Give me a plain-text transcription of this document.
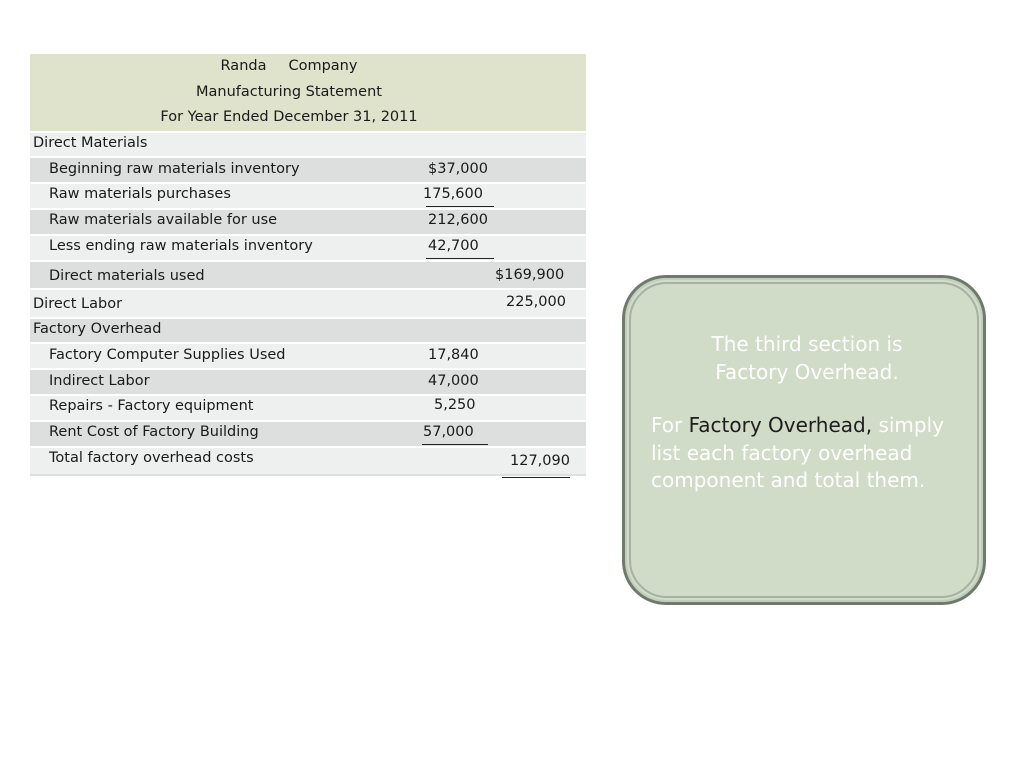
Randa Company
Manufacturing Statement
For Year Ended December 31, 2011
Direct Materials
Beginning raw materials inventory	$37,000
Raw materials purchases	175,600
Raw materials available for use	212,600
Less ending raw materials inventory	42,700
Direct materials used	$169,900
Direct Labor	225,000
Factory Overhead
Factory Computer Supplies Used	17,840
Indirect Labor	47,000
Repairs - Factory equipment	5,250
Rent Cost of Factory Building	57,000
Total factory overhead costs	127,090
The third section is Factory Overhead.
For Factory Overhead, simply list each factory overhead component and total them.
